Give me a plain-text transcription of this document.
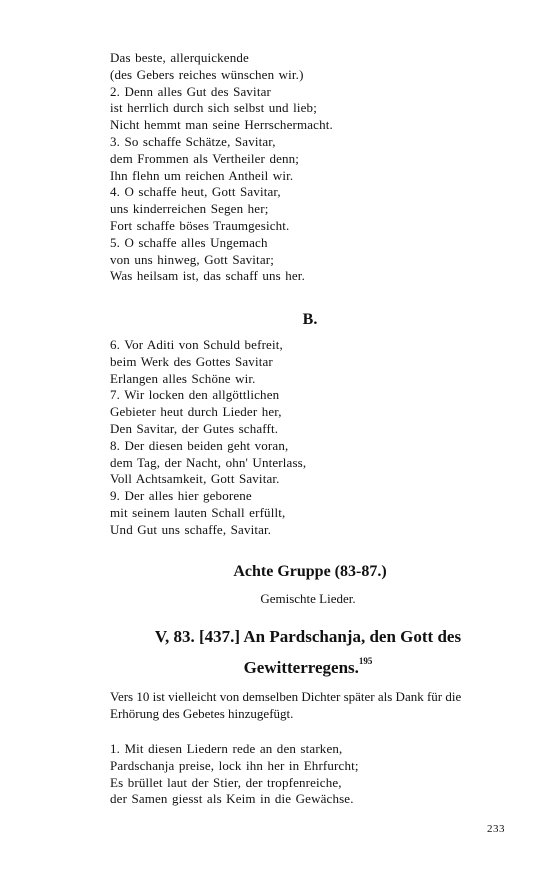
Das beste, allerquickende
(des Gebers reiches wünschen wir.)
2. Denn alles Gut des Savitar
ist herrlich durch sich selbst und lieb;
Nicht hemmt man seine Herrschermacht.
3. So schaffe Schätze, Savitar,
dem Frommen als Vertheiler denn;
Ihn flehn um reichen Antheil wir.
4. O schaffe heut, Gott Savitar,
uns kinderreichen Segen her;
Fort schaffe böses Traumgesicht.
5. O schaffe alles Ungemach
von uns hinweg, Gott Savitar;
Was heilsam ist, das schaff uns her.
B.
6. Vor Aditi von Schuld befreit,
beim Werk des Gottes Savitar
Erlangen alles Schöne wir.
7. Wir locken den allgöttlichen
Gebieter heut durch Lieder her,
Den Savitar, der Gutes schafft.
8. Der diesen beiden geht voran,
dem Tag, der Nacht, ohn' Unterlass,
Voll Achtsamkeit, Gott Savitar.
9. Der alles hier geborene
mit seinem lauten Schall erfüllt,
Und Gut uns schaffe, Savitar.
Achte Gruppe (83-87.)
Gemischte Lieder.
V, 83. [437.] An Pardschanja, den Gott des
Gewitterregens.$^{195}$
Vers 10 ist vielleicht von demselben Dichter später als Dank für die Erhörung des Gebetes hinzugefügt.
1. Mit diesen Liedern rede an den starken,
Pardschanja preise, lock ihn her in Ehrfurcht;
Es brüllet laut der Stier, der tropfenreiche,
der Samen giesst als Keim in die Gewächse.
233
